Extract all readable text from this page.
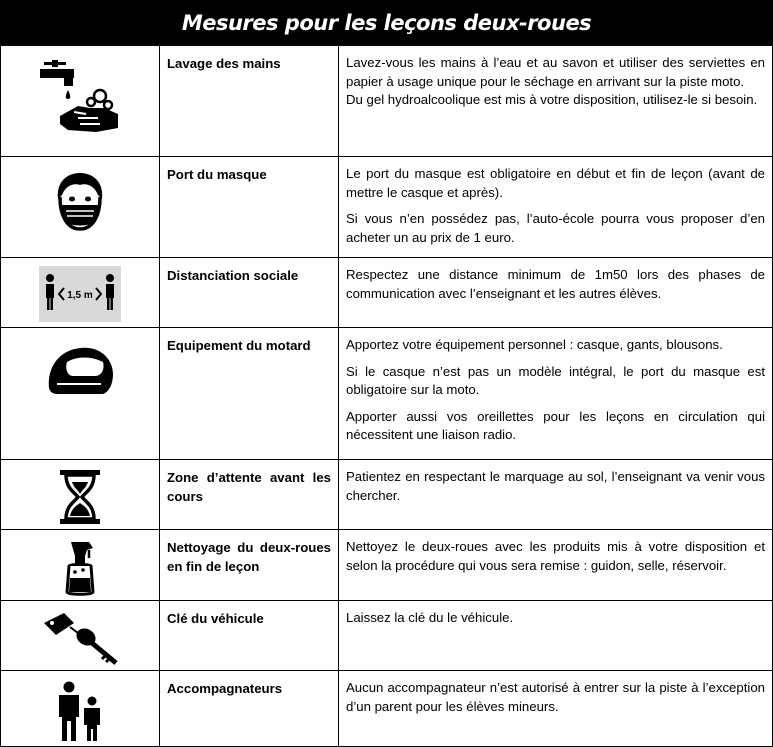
Mesures pour les leçons deux-roues

Lavage des mains	Lavez-vous les mains à l’eau et au savon et utiliser des serviettes en papier à usage unique pour le séchage en arrivant sur la piste moto.

Du gel hydroalcoolique est mis à votre disposition, utilisez-le si besoin.

Port du masque	Le port du masque est obligatoire en début et fin de leçon (avant de mettre le casque et après).

Si vous n’en possédez pas, l’auto-école pourra vous proposer d’en acheter un au prix de 1 euro.

1,5 m	Distanciation sociale	Respectez une distance minimum de 1m50 lors des phases de communication avec l’enseignant et les autres élèves.

Equipement du motard	Apportez votre équipement personnel : casque, gants, blousons.

Si le casque n’est pas un modèle intégral, le port du masque est obligatoire sur la moto.

Apporter aussi vos oreillettes pour les leçons en circulation qui nécessitent une liaison radio.

Zone d’attente avant les cours	Patientez en respectant le marquage au sol, l’enseignant va venir vous chercher.

Nettoyage du deux-roues en fin de leçon	Nettoyez le deux-roues avec les produits mis à votre disposition et selon la procédure qui vous sera remise : guidon, selle, réservoir.

Clé du véhicule	Laissez la clé du le véhicule.

Accompagnateurs	Aucun accompagnateur n’est autorisé à entrer sur la piste à l’exception d’un parent pour les élèves mineurs.
